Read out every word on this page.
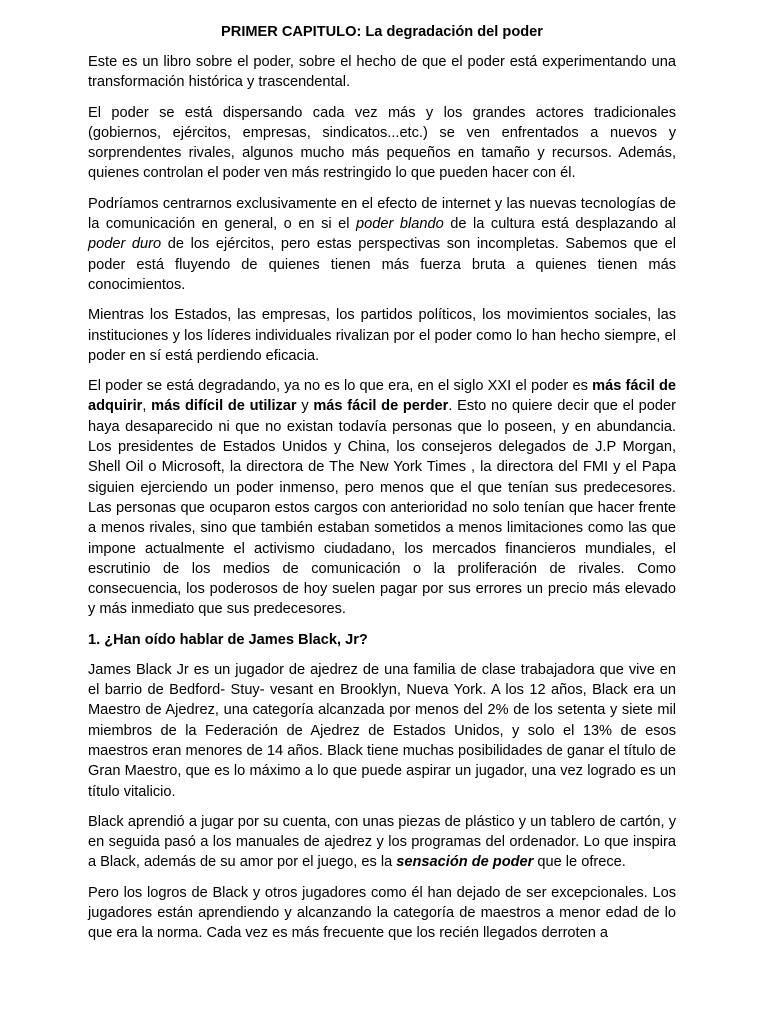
PRIMER CAPITULO: La degradación del poder

Este es un libro sobre el poder, sobre el hecho de que el poder está experimentando una transformación histórica y trascendental.

El poder se está dispersando cada vez más y los grandes actores tradicionales (gobiernos, ejércitos, empresas, sindicatos...etc.) se ven enfrentados a nuevos y sorprendentes rivales, algunos mucho más pequeños en tamaño y recursos. Además, quienes controlan el poder ven más restringido lo que pueden hacer con él.

Podríamos centrarnos exclusivamente en el efecto de internet y las nuevas tecnologías de la comunicación en general, o en si el poder blando de la cultura está desplazando al poder duro de los ejércitos, pero estas perspectivas son incompletas. Sabemos que el poder está fluyendo de quienes tienen más fuerza bruta a quienes tienen más conocimientos.

Mientras los Estados, las empresas, los partidos políticos, los movimientos sociales, las instituciones y los líderes individuales rivalizan por el poder como lo han hecho siempre, el poder en sí está perdiendo eficacia.

El poder se está degradando, ya no es lo que era, en el siglo XXI el poder es más fácil de adquirir, más difícil de utilizar y más fácil de perder. Esto no quiere decir que el poder haya desaparecido ni que no existan todavía personas que lo poseen, y en abundancia. Los presidentes de Estados Unidos y China, los consejeros delegados de J.P Morgan, Shell Oil o Microsoft, la directora de The New York Times , la directora del FMI y el Papa siguien ejerciendo un poder inmenso, pero menos que el que tenían sus predecesores. Las personas que ocuparon estos cargos con anterioridad no solo tenían que hacer frente a menos rivales, sino que también estaban sometidos a menos limitaciones como las que impone actualmente el activismo ciudadano, los mercados financieros mundiales, el escrutinio de los medios de comunicación o la proliferación de rivales. Como consecuencia, los poderosos de hoy suelen pagar por sus errores un precio más elevado y más inmediato que sus predecesores.

1. ¿Han oído hablar de James Black, Jr?

James Black Jr es un jugador de ajedrez de una familia de clase trabajadora que vive en el barrio de Bedford- Stuy- vesant en Brooklyn, Nueva York. A los 12 años, Black era un Maestro de Ajedrez, una categoría alcanzada por menos del 2% de los setenta y siete mil miembros de la Federación de Ajedrez de Estados Unidos, y solo el 13% de esos maestros eran menores de 14 años. Black tiene muchas posibilidades de ganar el título de Gran Maestro, que es lo máximo a lo que puede aspirar un jugador, una vez logrado es un título vitalicio.

Black aprendió a jugar por su cuenta, con unas piezas de plástico y un tablero de cartón, y en seguida pasó a los manuales de ajedrez y los programas del ordenador. Lo que inspira a Black, además de su amor por el juego, es la sensación de poder que le ofrece.

Pero los logros de Black y otros jugadores como él han dejado de ser excepcionales. Los jugadores están aprendiendo y alcanzando la categoría de maestros a menor edad de lo que era la norma. Cada vez es más frecuente que los recién llegados derroten a
